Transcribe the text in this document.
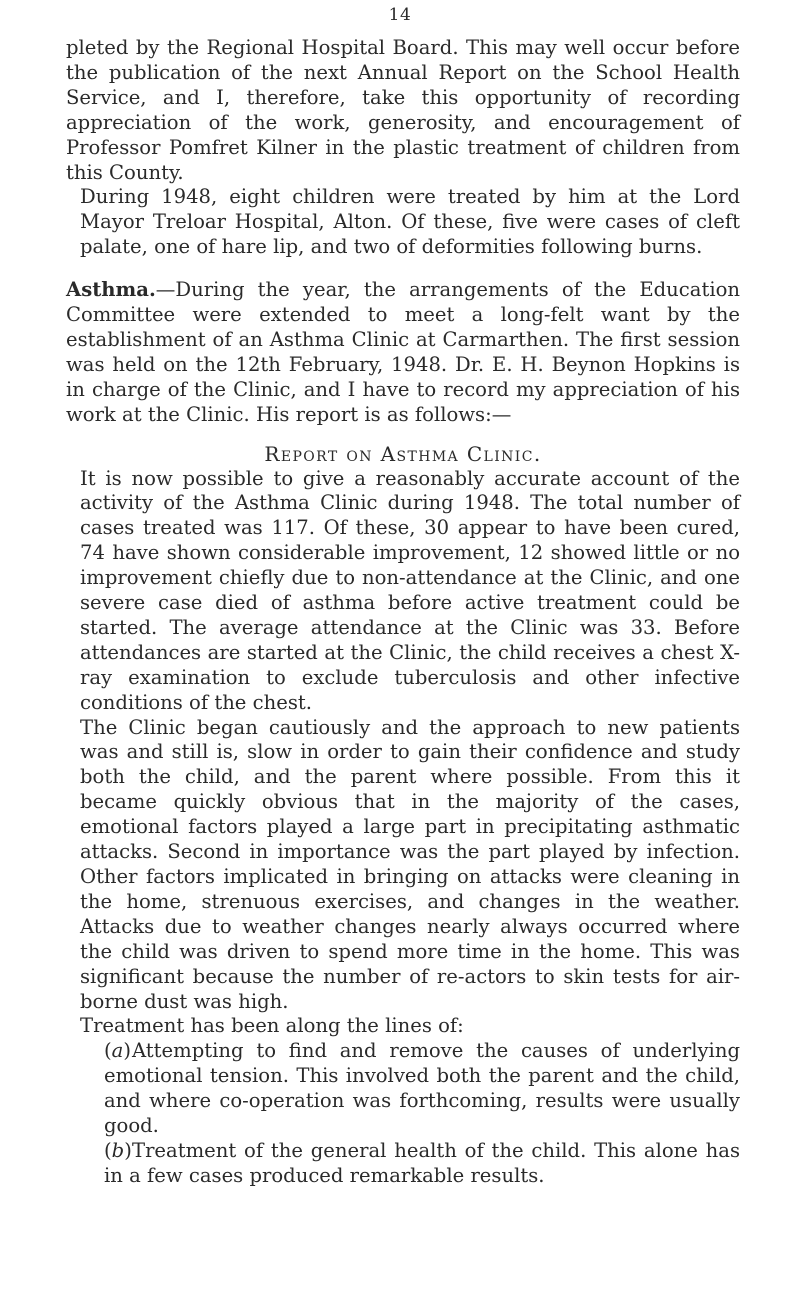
14

pleted by the Regional Hospital Board. This may well occur before the publication of the next Annual Report on the School Health Service, and I, therefore, take this opportunity of recording appreciation of the work, generosity, and encouragement of Professor Pomfret Kilner in the plastic treatment of children from this County.

During 1948, eight children were treated by him at the Lord Mayor Treloar Hospital, Alton. Of these, five were cases of cleft palate, one of hare lip, and two of deformities following burns.

Asthma.—During the year, the arrangements of the Education Committee were extended to meet a long-felt want by the establishment of an Asthma Clinic at Carmarthen. The first session was held on the 12th February, 1948. Dr. E. H. Beynon Hopkins is in charge of the Clinic, and I have to record my appreciation of his work at the Clinic. His report is as follows:—

Report on Asthma Clinic.

It is now possible to give a reasonably accurate account of the activity of the Asthma Clinic during 1948. The total number of cases treated was 117. Of these, 30 appear to have been cured, 74 have shown considerable improvement, 12 showed little or no improvement chiefly due to non-attendance at the Clinic, and one severe case died of asthma before active treatment could be started. The average attendance at the Clinic was 33. Before attendances are started at the Clinic, the child receives a chest X-ray examination to exclude tuberculosis and other infective conditions of the chest.

The Clinic began cautiously and the approach to new patients was and still is, slow in order to gain their confidence and study both the child, and the parent where possible. From this it became quickly obvious that in the majority of the cases, emotional factors played a large part in precipitating asthmatic attacks. Second in importance was the part played by infection. Other factors implicated in bringing on attacks were cleaning in the home, strenuous exercises, and changes in the weather. Attacks due to weather changes nearly always occurred where the child was driven to spend more time in the home. This was significant because the number of re-actors to skin tests for air-borne dust was high.

Treatment has been along the lines of:

(a)Attempting to find and remove the causes of underlying emotional tension. This involved both the parent and the child, and where co-operation was forthcoming, results were usually good.

(b)Treatment of the general health of the child. This alone has in a few cases produced remarkable results.
